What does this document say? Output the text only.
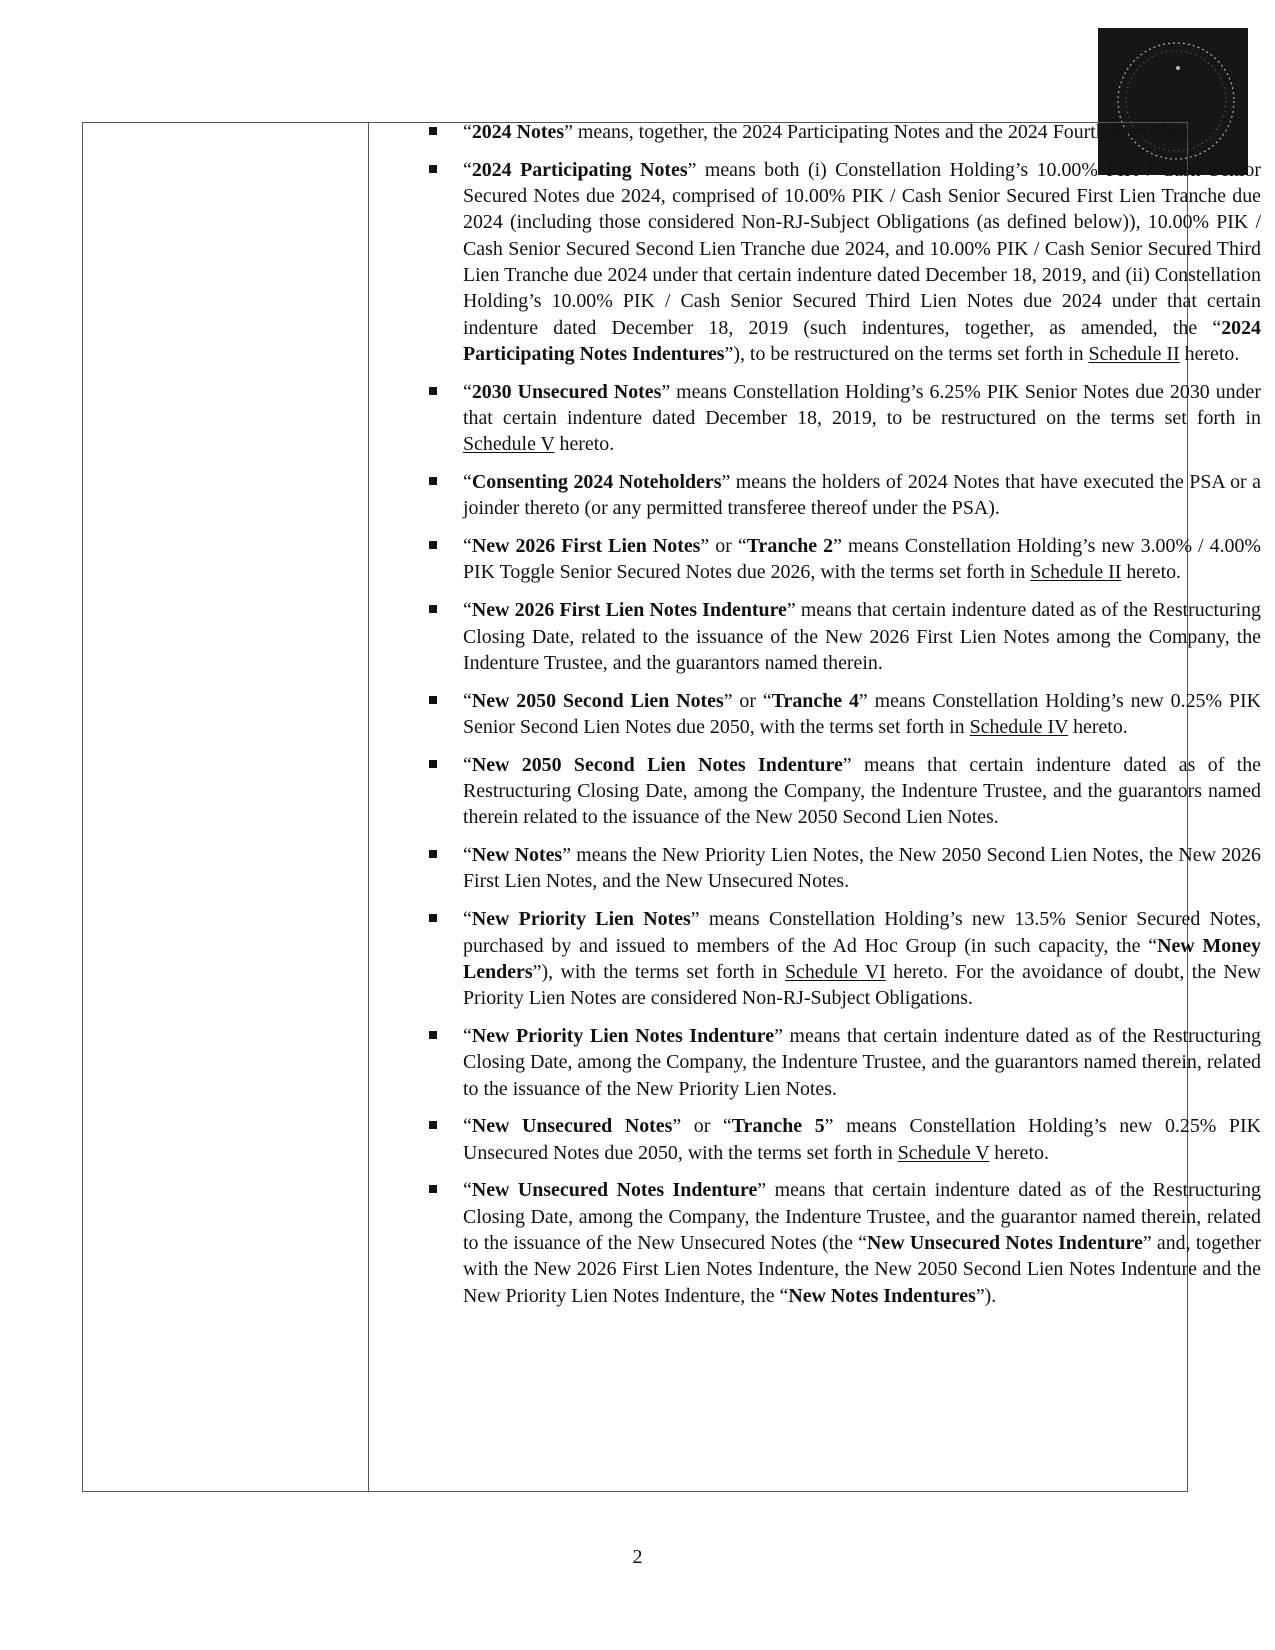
“2024 Notes” means, together, the 2024 Participating Notes and the 2024 Fourth Lien Notes.
“2024 Participating Notes” means both (i) Constellation Holding’s 10.00% PIK / Cash Senior Secured Notes due 2024, comprised of 10.00% PIK / Cash Senior Secured First Lien Tranche due 2024 (including those considered Non-RJ-Subject Obligations (as defined below)), 10.00% PIK / Cash Senior Secured Second Lien Tranche due 2024, and 10.00% PIK / Cash Senior Secured Third Lien Tranche due 2024 under that certain indenture dated December 18, 2019, and (ii) Constellation Holding’s 10.00% PIK / Cash Senior Secured Third Lien Notes due 2024 under that certain indenture dated December 18, 2019 (such indentures, together, as amended, the “2024 Participating Notes Indentures”), to be restructured on the terms set forth in Schedule II hereto.
“2030 Unsecured Notes” means Constellation Holding’s 6.25% PIK Senior Notes due 2030 under that certain indenture dated December 18, 2019, to be restructured on the terms set forth in Schedule V hereto.
“Consenting 2024 Noteholders” means the holders of 2024 Notes that have executed the PSA or a joinder thereto (or any permitted transferee thereof under the PSA).
“New 2026 First Lien Notes” or “Tranche 2” means Constellation Holding’s new 3.00% / 4.00% PIK Toggle Senior Secured Notes due 2026, with the terms set forth in Schedule II hereto.
“New 2026 First Lien Notes Indenture” means that certain indenture dated as of the Restructuring Closing Date, related to the issuance of the New 2026 First Lien Notes among the Company, the Indenture Trustee, and the guarantors named therein.
“New 2050 Second Lien Notes” or “Tranche 4” means Constellation Holding’s new 0.25% PIK Senior Second Lien Notes due 2050, with the terms set forth in Schedule IV hereto.
“New 2050 Second Lien Notes Indenture” means that certain indenture dated as of the Restructuring Closing Date, among the Company, the Indenture Trustee, and the guarantors named therein related to the issuance of the New 2050 Second Lien Notes.
“New Notes” means the New Priority Lien Notes, the New 2050 Second Lien Notes, the New 2026 First Lien Notes, and the New Unsecured Notes.
“New Priority Lien Notes” means Constellation Holding’s new 13.5% Senior Secured Notes, purchased by and issued to members of the Ad Hoc Group (in such capacity, the “New Money Lenders”), with the terms set forth in Schedule VI hereto. For the avoidance of doubt, the New Priority Lien Notes are considered Non-RJ-Subject Obligations.
“New Priority Lien Notes Indenture” means that certain indenture dated as of the Restructuring Closing Date, among the Company, the Indenture Trustee, and the guarantors named therein, related to the issuance of the New Priority Lien Notes.
“New Unsecured Notes” or “Tranche 5” means Constellation Holding’s new 0.25% PIK Unsecured Notes due 2050, with the terms set forth in Schedule V hereto.
“New Unsecured Notes Indenture” means that certain indenture dated as of the Restructuring Closing Date, among the Company, the Indenture Trustee, and the guarantor named therein, related to the issuance of the New Unsecured Notes (the “New Unsecured Notes Indenture” and, together with the New 2026 First Lien Notes Indenture, the New 2050 Second Lien Notes Indenture and the New Priority Lien Notes Indenture, the “New Notes Indentures”).
2
